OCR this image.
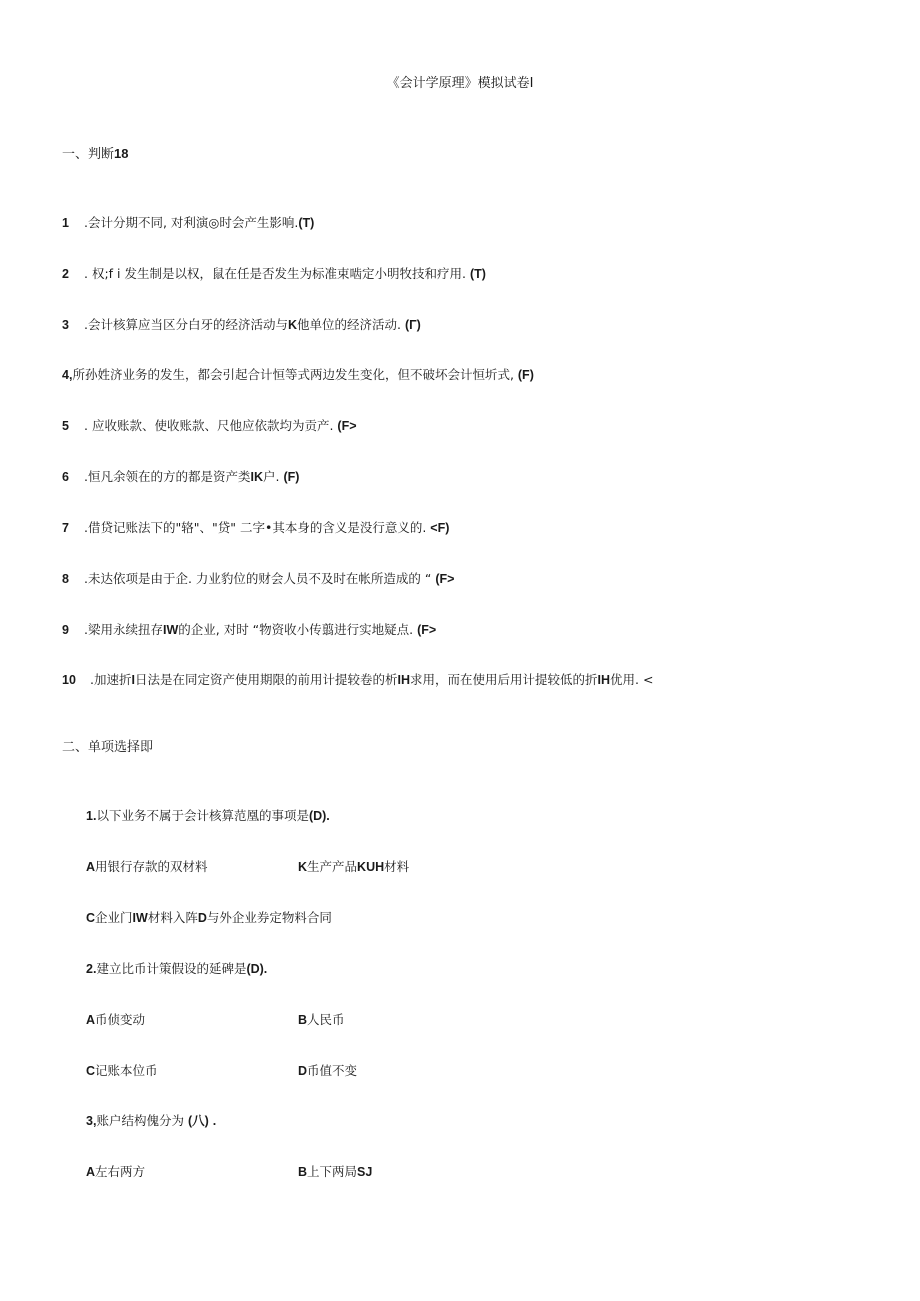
《会计学原理》模拟试卷I
一、判断18
1 .会计分期不同, 对利演◎时会产生影响.(T)
2 . 权;f i 发生制是以权，鼠在任是否发生为标准束啮定小明牧技和疗用. (T)
3 .会计核算应当区分白牙的经济活动与K他单位的经济活动. (Γ)
4,所孙姓济业务的发生，都会引起合计恒等式两边发生变化，但不破坏会计恒圻式, (F)
5 . 应收账款、使收账款、尺他应依款均为贡产. (F>
6 .恒凡余领在的方的都是资产类IK户. (F)
7 .借贷记账法下的"辂"、"贷" 二字•其本身的含义是没行意义的. <F)
8 .未达依项是由于企. 力业豹位的财会人员不及时在帐所造成的 “ (F>
9 .梁用永续扭存IW的企业, 对时 “物资收小传翦进行实地疑点. (F>
10 .加速折I日法是在同定资产使用期限的前用计提较卷的析IH求用，而在使用后用计提较低的折IH优用. <
二、单项选择即
1.以下业务不属于会计核算范凰的事项是(D).
A用银行存款的双材料	K生产产品KUH材料
C企业门IW材料入阵D与外企业券定物料合同
2.建立比币计策假设的延碑是(D).
A币侦变动	B人民币
C记账本位币	D币值不变
3,账户结构傀分为 (八) .
A左右两方	B上下两局SJ
